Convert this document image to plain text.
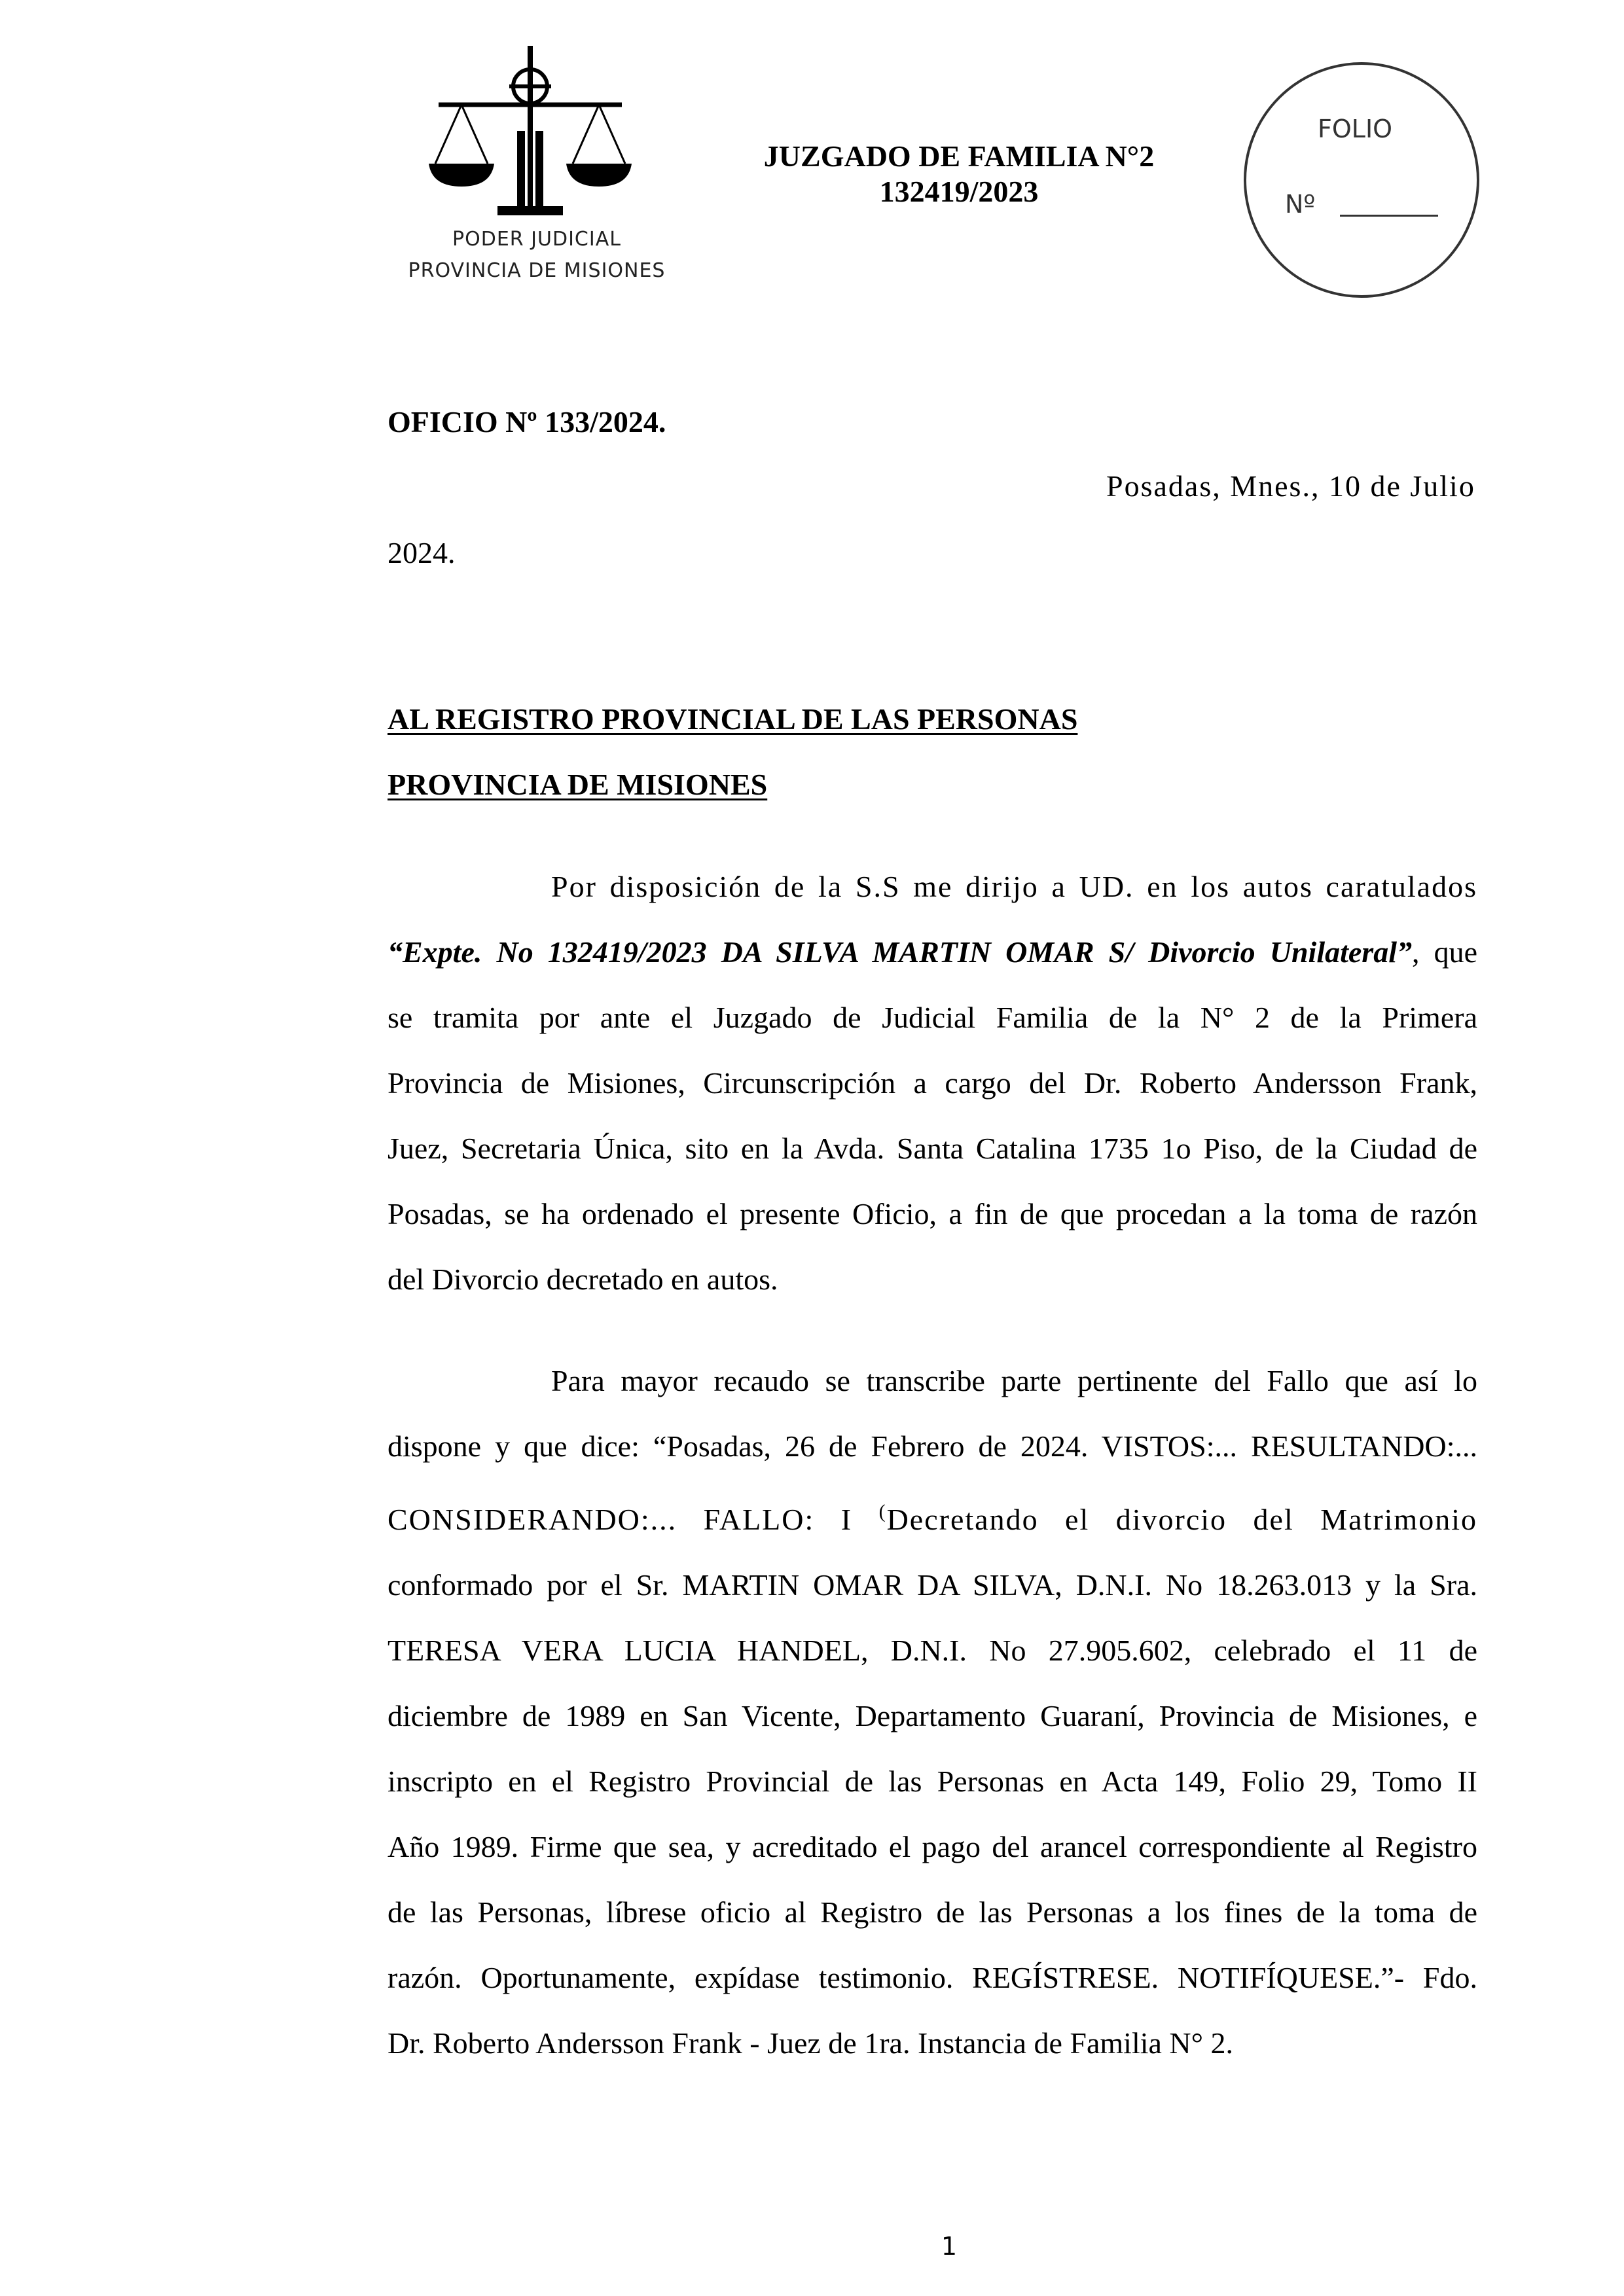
PODER JUDICIAL
PROVINCIA DE MISIONES
JUZGADO DE FAMILIA N°2
132419/2023
FOLIO
Nº
OFICIO Nº 133/2024.
Posadas, Mnes., 10 de Julio
2024.
AL REGISTRO PROVINCIAL DE LAS PERSONAS
PROVINCIA DE MISIONES

Por disposición de la S.S me dirijo a UD. en los autos caratulados

“Expte. No 132419/2023 DA SILVA MARTIN OMAR S/ Divorcio Unilateral”, que

se tramita por ante el Juzgado de Judicial Familia de la N° 2 de la Primera

Provincia de Misiones, Circunscripción a cargo del Dr. Roberto Andersson Frank,

Juez, Secretaria Única, sito en la Avda. Santa Catalina 1735 1o Piso, de la Ciudad de

Posadas, se ha ordenado el presente Oficio, a fin de que procedan a la toma de razón

del Divorcio decretado en autos.

Para mayor recaudo se transcribe parte pertinente del Fallo que así lo

dispone y que dice: “Posadas, 26 de Febrero de 2024. VISTOS:... RESULTANDO:...

CONSIDERANDO:... FALLO: I (Decretando el divorcio del Matrimonio

conformado por el Sr. MARTIN OMAR DA SILVA, D.N.I. No 18.263.013 y la Sra.

TERESA VERA LUCIA HANDEL, D.N.I. No 27.905.602, celebrado el 11 de

diciembre de 1989 en San Vicente, Departamento Guaraní, Provincia de Misiones, e

inscripto en el Registro Provincial de las Personas en Acta 149, Folio 29, Tomo II

Año 1989. Firme que sea, y acreditado el pago del arancel correspondiente al Registro

de las Personas, líbrese oficio al Registro de las Personas a los fines de la toma de

razón. Oportunamente, expídase testimonio. REGÍSTRESE. NOTIFÍQUESE.”- Fdo.

Dr. Roberto Andersson Frank - Juez de 1ra. Instancia de Familia N° 2.

1
